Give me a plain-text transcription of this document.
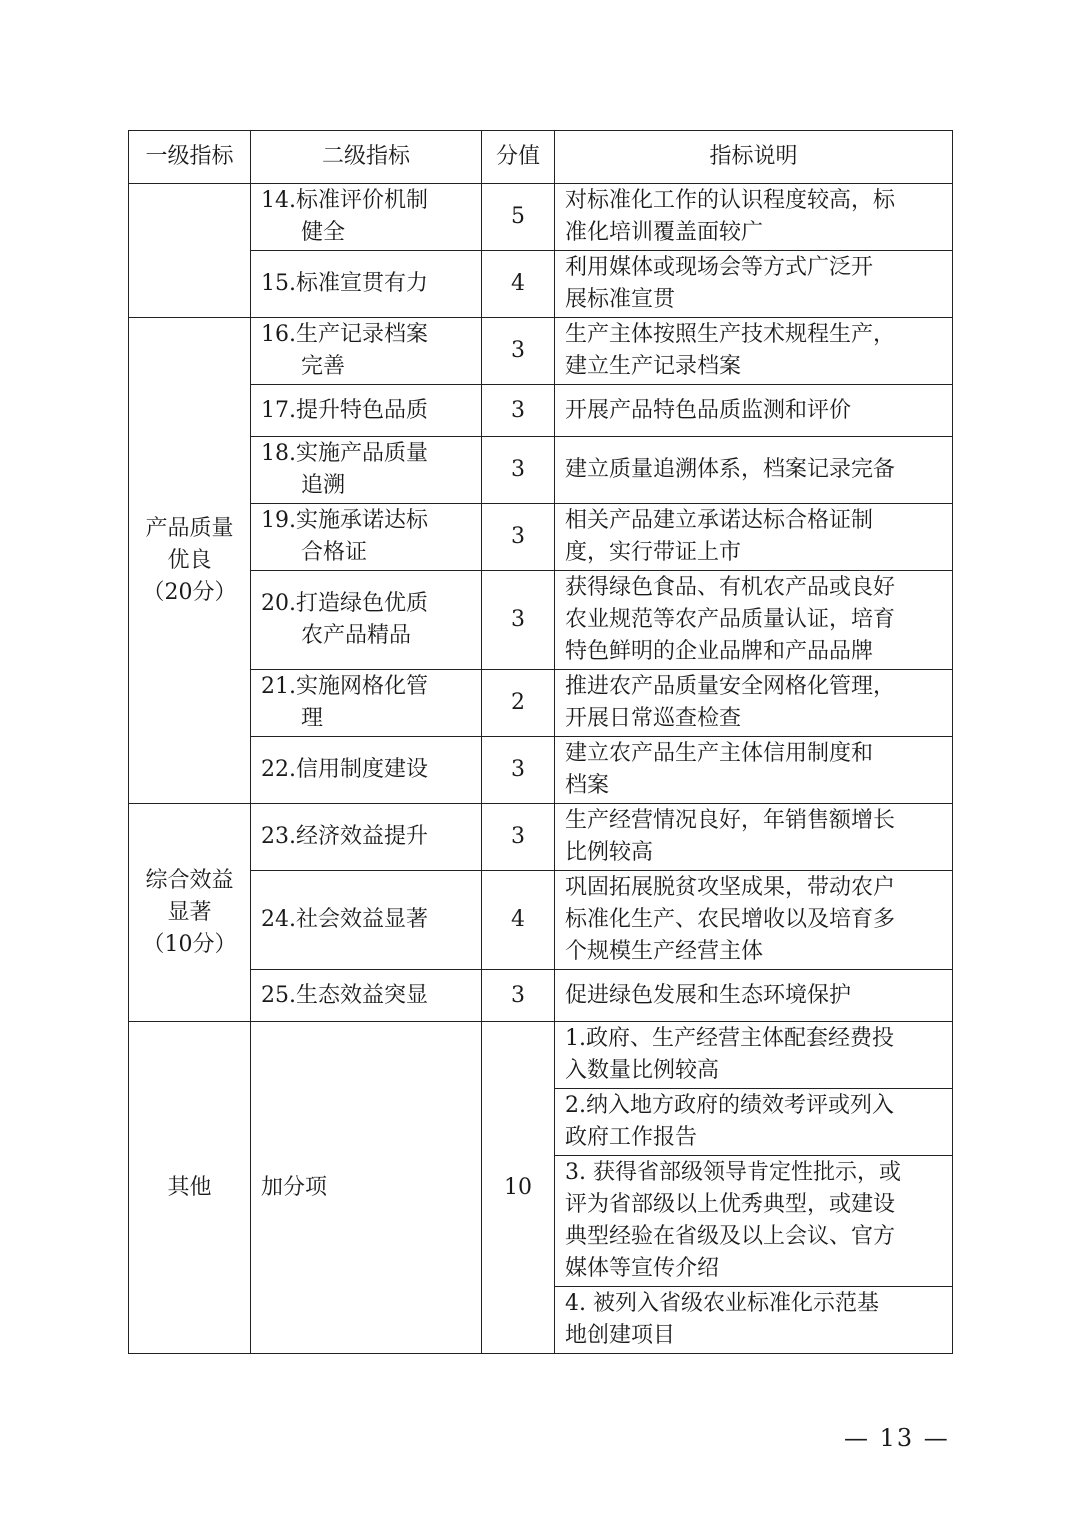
一级指标	二级指标	分值	指标说明

	14.标准评价机制
健全	5	对标准化工作的认识程度较高，标
准化培训覆盖面较广

	15.标准宣贯有力	4	利用媒体或现场会等方式广泛开
展标准宣贯

产品质量
优良
（20分）	16.生产记录档案
完善	3	生产主体按照生产技术规程生产，
建立生产记录档案

	17.提升特色品质	3	开展产品特色品质监测和评价

	18.实施产品质量
追溯	3	建立质量追溯体系，档案记录完备

	19.实施承诺达标
合格证	3	相关产品建立承诺达标合格证制
度，实行带证上市

	20.打造绿色优质
农产品精品	3	获得绿色食品、有机农产品或良好
农业规范等农产品质量认证，培育
特色鲜明的企业品牌和产品品牌

	21.实施网格化管
理	2	推进农产品质量安全网格化管理，
开展日常巡查检查

	22.信用制度建设	3	建立农产品生产主体信用制度和
档案

综合效益
显著
（10分）	23.经济效益提升	3	生产经营情况良好，年销售额增长
比例较高

	24.社会效益显著	4	巩固拓展脱贫攻坚成果，带动农户
标准化生产、农民增收以及培育多
个规模生产经营主体

	25.生态效益突显	3	促进绿色发展和生态环境保护

其他	加分项	10	1.政府、生产经营主体配套经费投
入数量比例较高

			2.纳入地方政府的绩效考评或列入
政府工作报告

			3. 获得省部级领导肯定性批示，或
评为省部级以上优秀典型，或建设
典型经验在省级及以上会议、官方
媒体等宣传介绍

			4. 被列入省级农业标准化示范基
地创建项目
— 13 —
